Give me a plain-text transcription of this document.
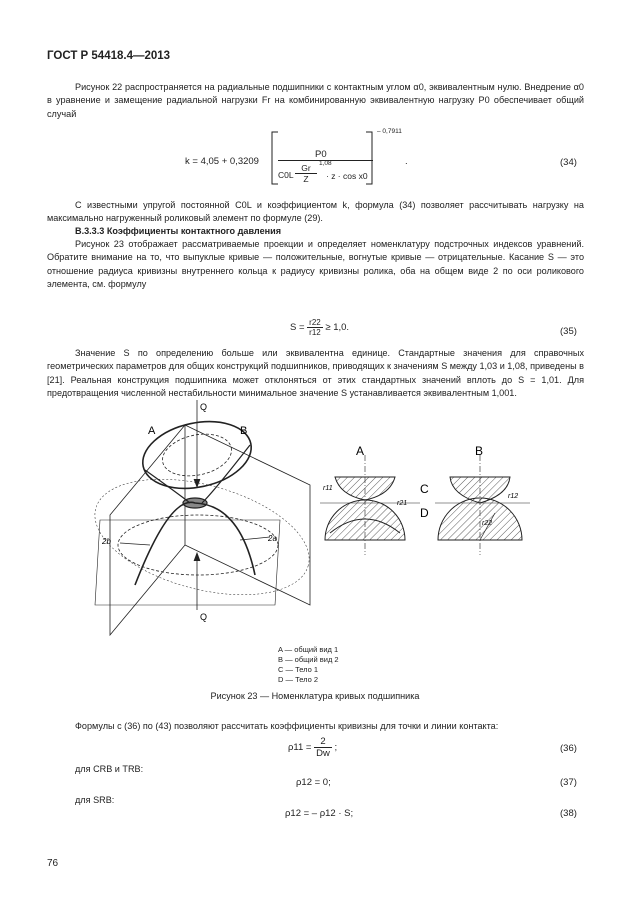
ГОСТ Р 54418.4—2013

Рисунок 22 распространяется на радиальные подшипники с контактным углом α0, эквивалентным нулю. Внедрение α0 в уравнение и замещение радиальной нагрузки Fr на комбинированную эквивалентную нагрузку P0 обеспечивает общий случай

k = 4,05 + 0,3209
P0
C0L
Gr
Z
1,08
· z · cos x0
– 0,7911
.	(34)

С известными упругой постоянной C0L и коэффициентом k, формула (34) позволяет рассчитывать нагрузку на максимально нагруженный роликовый элемент по формуле (29).

B.3.3.3 Коэффициенты контактного давления

Рисунок 23 отображает рассматриваемые проекции и определяет номенклатуру подстрочных индексов уравнений. Обратите внимание на то, что выпуклые кривые — положительные, вогнутые кривые — отрицательные. Касание S — это отношение радиуса кривизны внутреннего кольца к радиусу кривизны ролика, оба на общем виде 2 по оси роликового элемента, см. формулу

$S = \frac{r22}{r12} \ge 1,0$.	(35)

Значение S по определению больше или эквивалентна единице. Стандартные значения для справочных геометрических параметров для общих конструкций подшипников, приводящих к значениям S между 1,03 и 1,08, приведены в [21]. Реальная конструкция подшипника может отклоняться от этих стандартных значений вплоть до S = 1,01. Для предотвращения численной нестабильности минимальное значение S устанавливается эквивалентным 1,001.

Q
Q
A	B
2b	2a
A
r11
r21
C
D
B
r12
r22
A — общий вид 1
B — общий вид 2
C — Тело 1
D — Тело 2
Рисунок 23 — Номенклатура кривых подшипника

Формулы с (36) по (43) позволяют рассчитать коэффициенты кривизны для точки и линии контакта:

$\rho 11 = \frac{2}{Dw}$ ;	(36)
для CRB и TRB:
ρ12 = 0;	(37)
для SRB:
ρ12 = – ρ12 · S;	(38)
76
